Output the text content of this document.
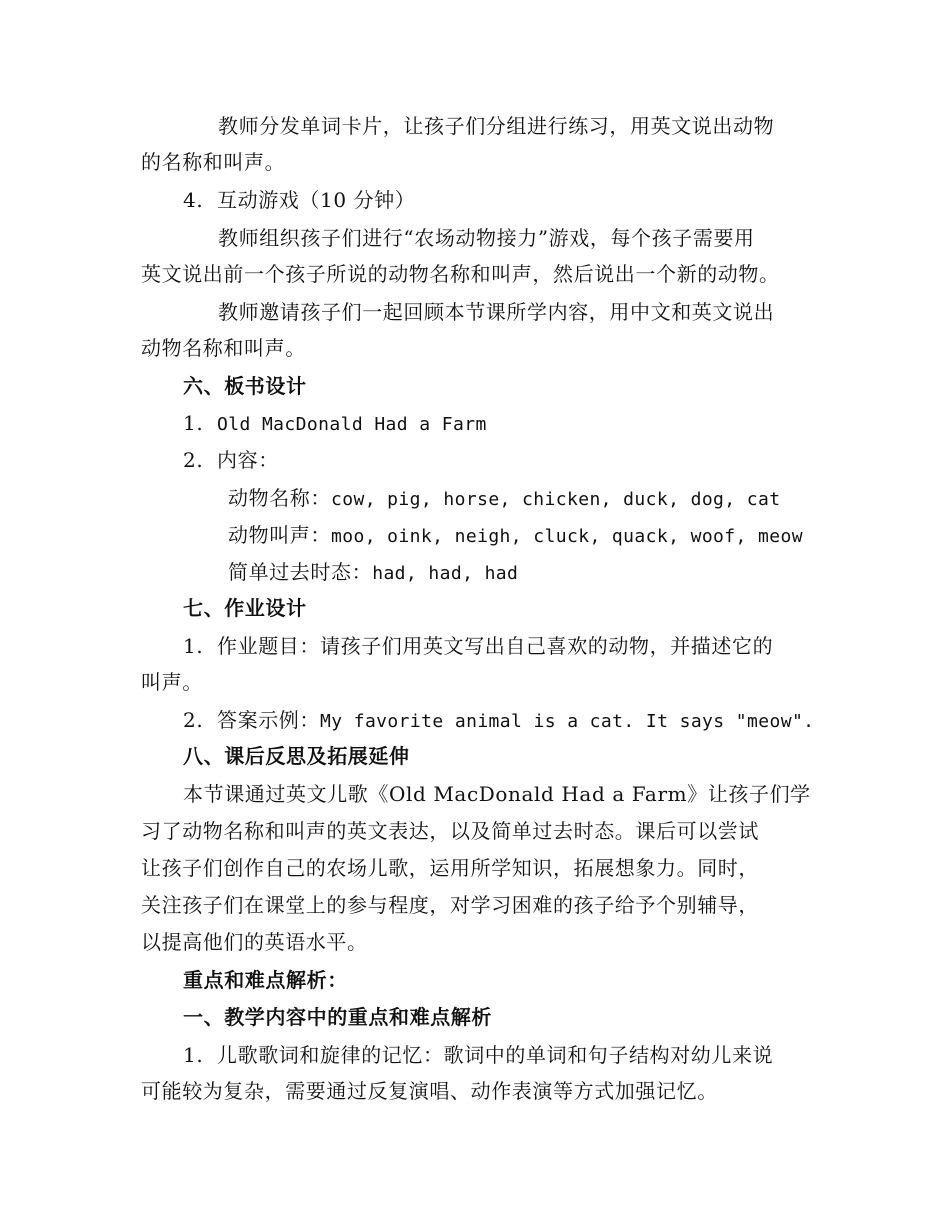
教师分发单词卡片，让孩子们分组进行练习，用英文说出动物
的名称和叫声。
4. 互动游戏（10 分钟）
教师组织孩子们进行“农场动物接力”游戏，每个孩子需要用
英文说出前一个孩子所说的动物名称和叫声，然后说出一个新的动物。
教师邀请孩子们一起回顾本节课所学内容，用中文和英文说出
动物名称和叫声。
六、板书设计
1. Old MacDonald Had a Farm
2. 内容：
动物名称：cow, pig, horse, chicken, duck, dog, cat
动物叫声：moo, oink, neigh, cluck, quack, woof, meow
简单过去时态：had, had, had
七、作业设计
1. 作业题目：请孩子们用英文写出自己喜欢的动物，并描述它的
叫声。
2. 答案示例：My favorite animal is a cat. It says "meow".
八、课后反思及拓展延伸
本节课通过英文儿歌《Old MacDonald Had a Farm》让孩子们学
习了动物名称和叫声的英文表达，以及简单过去时态。课后可以尝试
让孩子们创作自己的农场儿歌，运用所学知识，拓展想象力。同时，
关注孩子们在课堂上的参与程度，对学习困难的孩子给予个别辅导，
以提高他们的英语水平。
重点和难点解析：
一、教学内容中的重点和难点解析
1. 儿歌歌词和旋律的记忆：歌词中的单词和句子结构对幼儿来说
可能较为复杂，需要通过反复演唱、动作表演等方式加强记忆。
